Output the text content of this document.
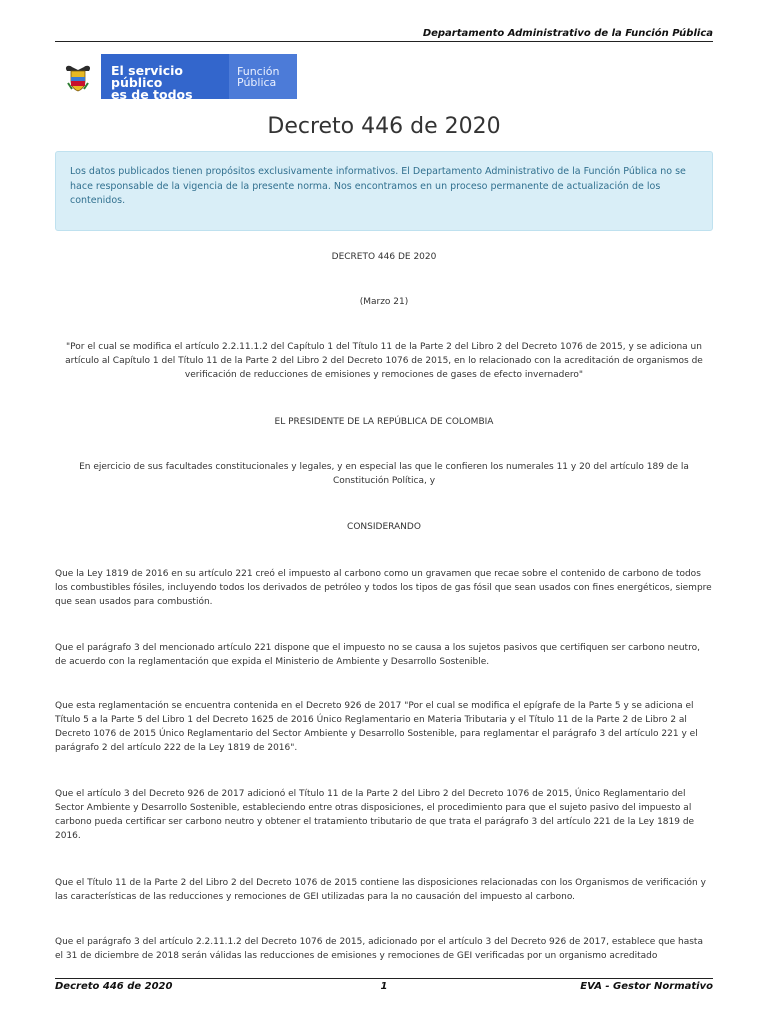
Departamento Administrativo de la Función Pública
El servicio público
es de todos
Función
Pública
Decreto 446 de 2020
Los datos publicados tienen propósitos exclusivamente informativos. El Departamento Administrativo de la Función Pública no se hace responsable de la vigencia de la presente norma. Nos encontramos en un proceso permanente de actualización de los contenidos.
DECRETO 446 DE 2020
(Marzo 21)
"Por el cual se modifica el artículo 2.2.11.1.2 del Capítulo 1 del Título 11 de la Parte 2 del Libro 2 del Decreto 1076 de 2015, y se adiciona un artículo al Capítulo 1 del Título 11 de la Parte 2 del Libro 2 del Decreto 1076 de 2015, en lo relacionado con la acreditación de organismos de verificación de reducciones de emisiones y remociones de gases de efecto invernadero"
EL PRESIDENTE DE LA REPÚBLICA DE COLOMBIA
En ejercicio de sus facultades constitucionales y legales, y en especial las que le confieren los numerales 11 y 20 del artículo 189 de la Constitución Política, y
CONSIDERANDO
Que la Ley 1819 de 2016 en su artículo 221 creó el impuesto al carbono como un gravamen que recae sobre el contenido de carbono de todos los combustibles fósiles, incluyendo todos los derivados de petróleo y todos los tipos de gas fósil que sean usados con fines energéticos, siempre que sean usados para combustión.
Que el parágrafo 3 del mencionado artículo 221 dispone que el impuesto no se causa a los sujetos pasivos que certifiquen ser carbono neutro, de acuerdo con la reglamentación que expida el Ministerio de Ambiente y Desarrollo Sostenible.
Que esta reglamentación se encuentra contenida en el Decreto 926 de 2017 "Por el cual se modifica el epígrafe de la Parte 5 y se adiciona el Título 5 a la Parte 5 del Libro 1 del Decreto 1625 de 2016 Único Reglamentario en Materia Tributaria y el Título 11 de la Parte 2 de Libro 2 al Decreto 1076 de 2015 Único Reglamentario del Sector Ambiente y Desarrollo Sostenible, para reglamentar el parágrafo 3 del artículo 221 y el parágrafo 2 del artículo 222 de la Ley 1819 de 2016".
Que el artículo 3 del Decreto 926 de 2017 adicionó el Título 11 de la Parte 2 del Libro 2 del Decreto 1076 de 2015, Único Reglamentario del Sector Ambiente y Desarrollo Sostenible, estableciendo entre otras disposiciones, el procedimiento para que el sujeto pasivo del impuesto al carbono pueda certificar ser carbono neutro y obtener el tratamiento tributario de que trata el parágrafo 3 del artículo 221 de la Ley 1819 de 2016.
Que el Título 11 de la Parte 2 del Libro 2 del Decreto 1076 de 2015 contiene las disposiciones relacionadas con los Organismos de verificación y las características de las reducciones y remociones de GEI utilizadas para la no causación del impuesto al carbono.
Que el parágrafo 3 del artículo 2.2.11.1.2 del Decreto 1076 de 2015, adicionado por el artículo 3 del Decreto 926 de 2017, establece que hasta el 31 de diciembre de 2018 serán válidas las reducciones de emisiones y remociones de GEI verificadas por un organismo acreditado
Decreto 446 de 2020	1	EVA - Gestor Normativo
